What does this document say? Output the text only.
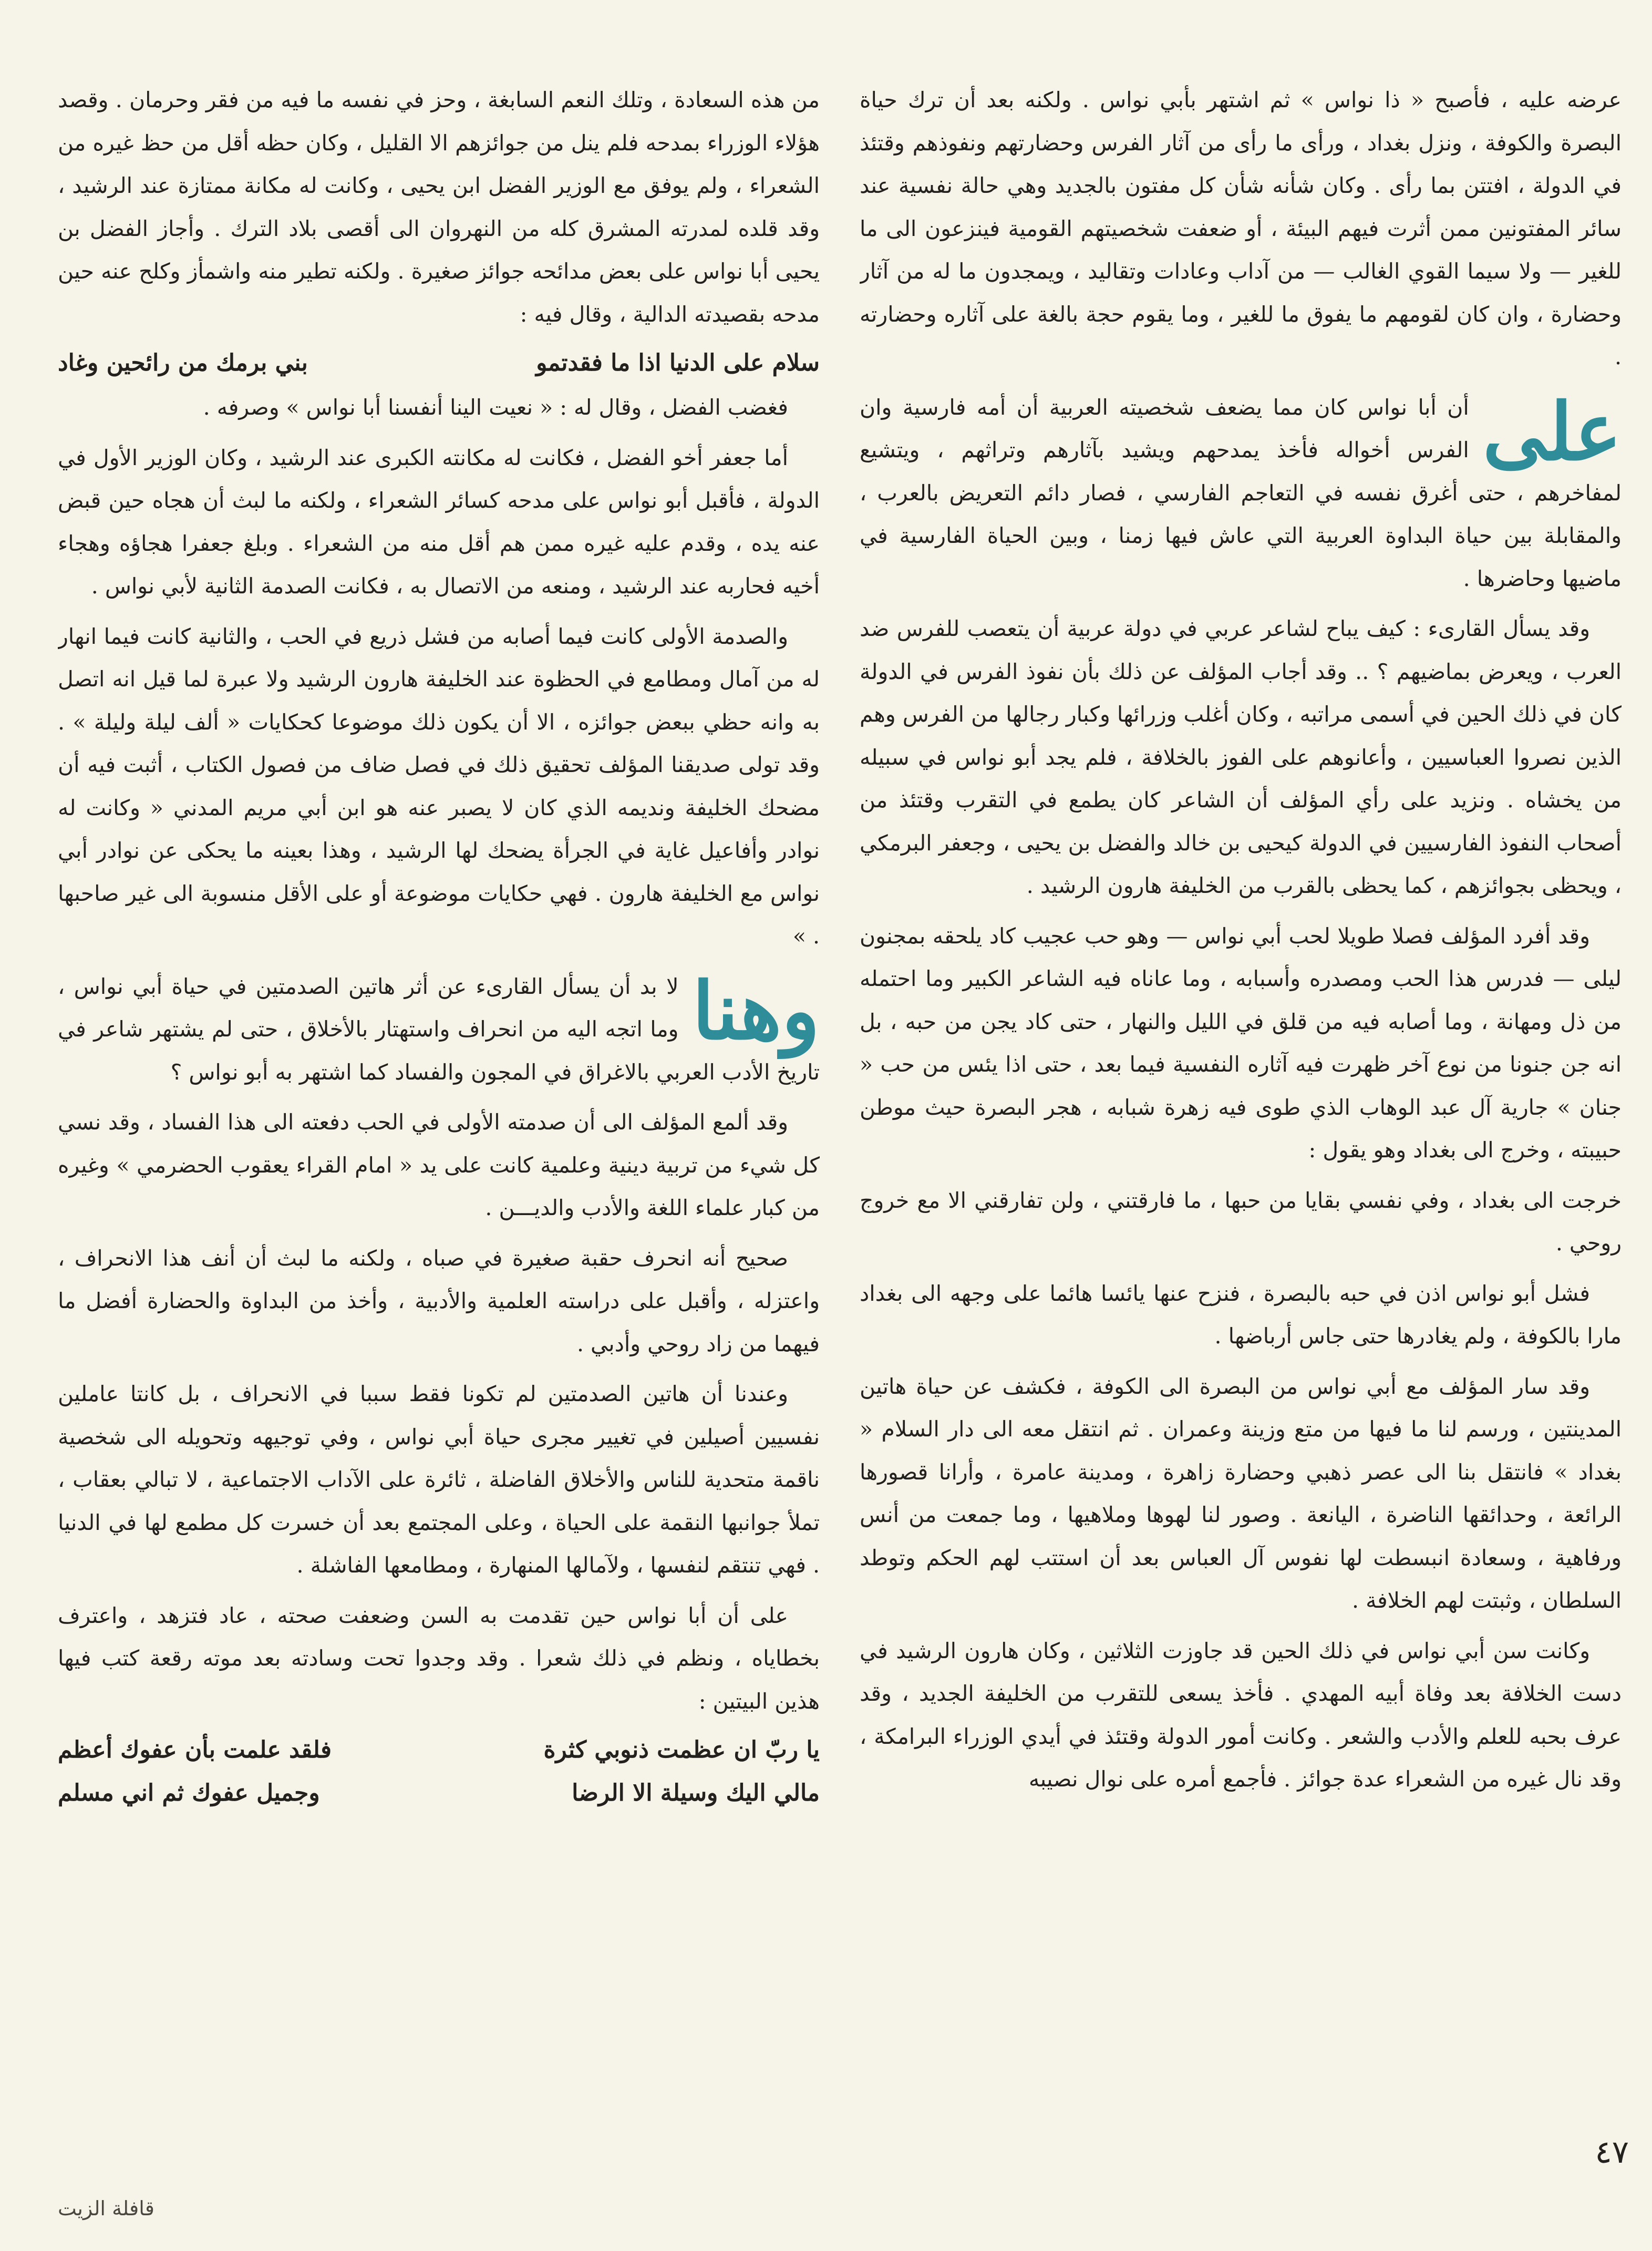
عرضه عليه ، فأصبح « ذا نواس » ثم اشتهر بأبي نواس . ولكنه بعد أن ترك حياة البصرة والكوفة ، ونزل بغداد ، ورأى ما رأى من آثار الفرس وحضارتهم ونفوذهم وقتئذ في الدولة ، افتتن بما رأى . وكان شأنه شأن كل مفتون بالجديد وهي حالة نفسية عند سائر المفتونين ممن أثرت فيهم البيئة ، أو ضعفت شخصيتهم القومية فينزعون الى ما للغير — ولا سيما القوي الغالب — من آداب وعادات وتقاليد ، ويمجدون ما له من آثار وحضارة ، وان كان لقومهم ما يفوق ما للغير ، وما يقوم حجة بالغة على آثاره وحضارته .

على
أن أبا نواس كان مما يضعف شخصيته العربية أن أمه فارسية وان الفرس أخواله فأخذ يمدحهم ويشيد بآثارهم وتراثهم ، ويتشيع لمفاخرهم ، حتى أغرق نفسه في التعاجم الفارسي ، فصار دائم التعريض بالعرب ، والمقابلة بين حياة البداوة العربية التي عاش فيها زمنا ، وبين الحياة الفارسية في ماضيها وحاضرها .

وقد يسأل القارىء : كيف يباح لشاعر عربي في دولة عربية أن يتعصب للفرس ضد العرب ، ويعرض بماضيهم ؟ .. وقد أجاب المؤلف عن ذلك بأن نفوذ الفرس في الدولة كان في ذلك الحين في أسمى مراتبه ، وكان أغلب وزرائها وكبار رجالها من الفرس وهم الذين نصروا العباسيين ، وأعانوهم على الفوز بالخلافة ، فلم يجد أبو نواس في سبيله من يخشاه . ونزيد على رأي المؤلف أن الشاعر كان يطمع في التقرب وقتئذ من أصحاب النفوذ الفارسيين في الدولة كيحيى بن خالد والفضل بن يحيى ، وجعفر البرمكي ، ويحظى بجوائزهم ، كما يحظى بالقرب من الخليفة هارون الرشيد .

وقد أفرد المؤلف فصلا طويلا لحب أبي نواس — وهو حب عجيب كاد يلحقه بمجنون ليلى — فدرس هذا الحب ومصدره وأسبابه ، وما عاناه فيه الشاعر الكبير وما احتمله من ذل ومهانة ، وما أصابه فيه من قلق في الليل والنهار ، حتى كاد يجن من حبه ، بل انه جن جنونا من نوع آخر ظهرت فيه آثاره النفسية فيما بعد ، حتى اذا يئس من حب « جنان » جارية آل عبد الوهاب الذي طوى فيه زهرة شبابه ، هجر البصرة حيث موطن حبيبته ، وخرج الى بغداد وهو يقول :

خرجت الى بغداد ، وفي نفسي بقايا من حبها ، ما فارقتني ، ولن تفارقني الا مع خروج روحي .

فشل أبو نواس اذن في حبه بالبصرة ، فنزح عنها يائسا هائما على وجهه الى بغداد مارا بالكوفة ، ولم يغادرها حتى جاس أرباضها .

وقد سار المؤلف مع أبي نواس من البصرة الى الكوفة ، فكشف عن حياة هاتين المدينتين ، ورسم لنا ما فيها من متع وزينة وعمران . ثم انتقل معه الى دار السلام « بغداد » فانتقل بنا الى عصر ذهبي وحضارة زاهرة ، ومدينة عامرة ، وأرانا قصورها الرائعة ، وحدائقها الناضرة ، اليانعة . وصور لنا لهوها وملاهيها ، وما جمعت من أنس ورفاهية ، وسعادة انبسطت لها نفوس آل العباس بعد أن استتب لهم الحكم وتوطد السلطان ، وثبتت لهم الخلافة .

وكانت سن أبي نواس في ذلك الحين قد جاوزت الثلاثين ، وكان هارون الرشيد في دست الخلافة بعد وفاة أبيه المهدي . فأخذ يسعى للتقرب من الخليفة الجديد ، وقد عرف بحبه للعلم والأدب والشعر . وكانت أمور الدولة وقتئذ في أيدي الوزراء البرامكة ، وقد نال غيره من الشعراء عدة جوائز . فأجمع أمره على نوال نصيبه

من هذه السعادة ، وتلك النعم السابغة ، وحز في نفسه ما فيه من فقر وحرمان . وقصد هؤلاء الوزراء بمدحه فلم ينل من جوائزهم الا القليل ، وكان حظه أقل من حظ غيره من الشعراء ، ولم يوفق مع الوزير الفضل ابن يحيى ، وكانت له مكانة ممتازة عند الرشيد ، وقد قلده لمدرته المشرق كله من النهروان الى أقصى بلاد الترك . وأجاز الفضل بن يحيى أبا نواس على بعض مدائحه جوائز صغيرة . ولكنه تطير منه واشمأز وكلح عنه حين مدحه بقصيدته الدالية ، وقال فيه :

سلام على الدنيا اذا ما فقدتمو
بني برمك من رائحين وغاد

فغضب الفضل ، وقال له : « نعيت الينا أنفسنا أبا نواس » وصرفه .

أما جعفر أخو الفضل ، فكانت له مكانته الكبرى عند الرشيد ، وكان الوزير الأول في الدولة ، فأقبل أبو نواس على مدحه كسائر الشعراء ، ولكنه ما لبث أن هجاه حين قبض عنه يده ، وقدم عليه غيره ممن هم أقل منه من الشعراء . وبلغ جعفرا هجاؤه وهجاء أخيه فحاربه عند الرشيد ، ومنعه من الاتصال به ، فكانت الصدمة الثانية لأبي نواس .

والصدمة الأولى كانت فيما أصابه من فشل ذريع في الحب ، والثانية كانت فيما انهار له من آمال ومطامع في الحظوة عند الخليفة هارون الرشيد ولا عبرة لما قيل انه اتصل به وانه حظي ببعض جوائزه ، الا أن يكون ذلك موضوعا كحكايات « ألف ليلة وليلة » . وقد تولى صديقنا المؤلف تحقيق ذلك في فصل ضاف من فصول الكتاب ، أثبت فيه أن مضحك الخليفة ونديمه الذي كان لا يصبر عنه هو ابن أبي مريم المدني « وكانت له نوادر وأفاعيل غاية في الجرأة يضحك لها الرشيد ، وهذا بعينه ما يحكى عن نوادر أبي نواس مع الخليفة هارون . فهي حكايات موضوعة أو على الأقل منسوبة الى غير صاحبها . »

وهنا
لا بد أن يسأل القارىء عن أثر هاتين الصدمتين في حياة أبي نواس ، وما اتجه اليه من انحراف واستهتار بالأخلاق ، حتى لم يشتهر شاعر في تاريخ الأدب العربي بالاغراق في المجون والفساد كما اشتهر به أبو نواس ؟

وقد ألمع المؤلف الى أن صدمته الأولى في الحب دفعته الى هذا الفساد ، وقد نسي كل شيء من تربية دينية وعلمية كانت على يد « امام القراء يعقوب الحضرمي » وغيره من كبار علماء اللغة والأدب والديـــن .

صحيح أنه انحرف حقبة صغيرة في صباه ، ولكنه ما لبث أن أنف هذا الانحراف ، واعتزله ، وأقبل على دراسته العلمية والأدبية ، وأخذ من البداوة والحضارة أفضل ما فيهما من زاد روحي وأدبي .

وعندنا أن هاتين الصدمتين لم تكونا فقط سببا في الانحراف ، بل كانتا عاملين نفسيين أصيلين في تغيير مجرى حياة أبي نواس ، وفي توجيهه وتحويله الى شخصية ناقمة متحدية للناس والأخلاق الفاضلة ، ثائرة على الآداب الاجتماعية ، لا تبالي بعقاب ، تملأ جوانبها النقمة على الحياة ، وعلى المجتمع بعد أن خسرت كل مطمع لها في الدنيا . فهي تنتقم لنفسها ، ولآمالها المنهارة ، ومطامعها الفاشلة .

على أن أبا نواس حين تقدمت به السن وضعفت صحته ، عاد فتزهد ، واعترف بخطاياه ، ونظم في ذلك شعرا . وقد وجدوا تحت وسادته بعد موته رقعة كتب فيها هذين البيتين :

يا ربّ ان عظمت ذنوبي كثرة
فلقد علمت بأن عفوك أعظم
مالي اليك وسيلة الا الرضا
وجميل عفوك ثم اني مسلم
٤٧
قافلة الزيت
